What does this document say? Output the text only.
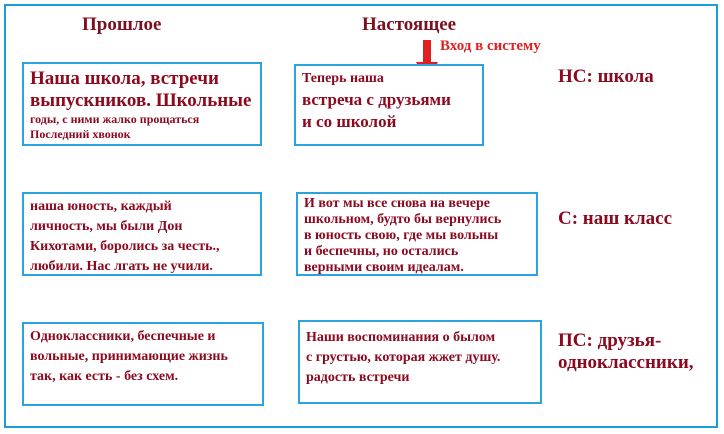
Прошлое	Настоящее
Вход в систему

Наша школа, встречи

выпускников. Школьные

годы, с ними жалко прощаться

Последний хвонок

Теперь наша

встреча с друзьями

и со школой

НС: школа

наша юность, каждый

личность, мы были Дон

Кихотами, боролись за честь.,

любили. Нас лгать не учили.

И вот мы все снова на вечере

школьном, будто бы вернулись

в юность свою, где мы вольны

и беспечны, но остались

верными своим идеалам.

С: наш класс

Одноклассники, беспечные и

вольные, принимающие жизнь

так, как есть - без схем.

Наши воспоминания о былом

с грустью, которая жжет душу.

радость встречи

ПС: друзья-
одноклассники,
